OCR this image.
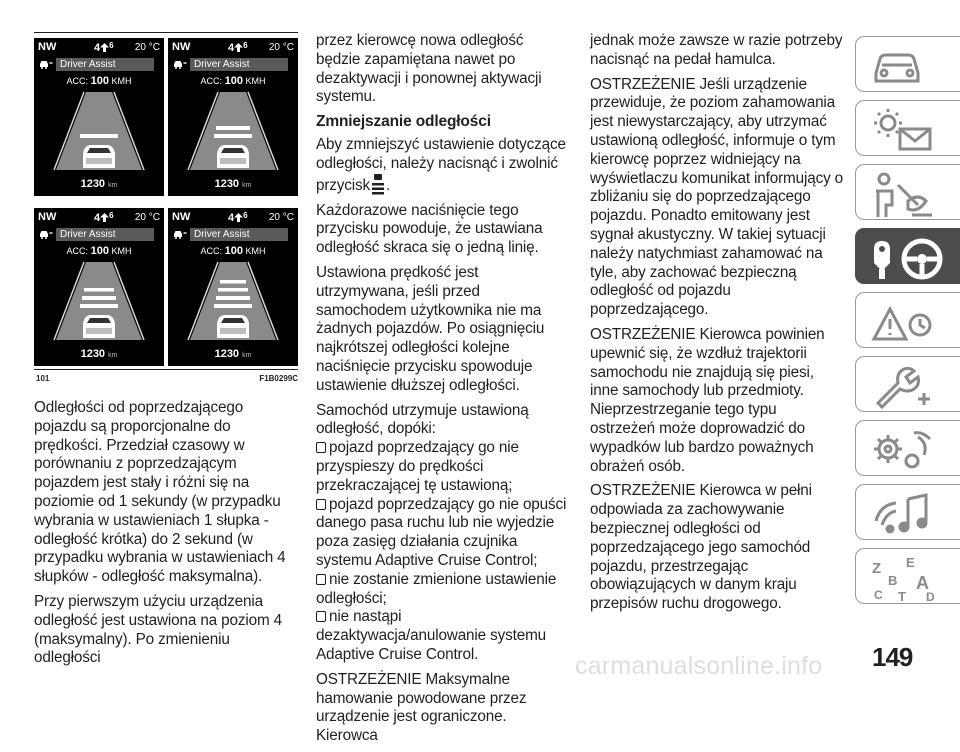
NW	4 $^6$ 20 °C
Driver Assist
ACC: 100 KMH
1230 km
NW	4 $^6$ 20 °C
Driver Assist
ACC: 100 KMH
1230 km
NW	4 $^6$ 20 °C
Driver Assist
ACC: 100 KMH
1230 km
NW	4 $^6$ 20 °C
Driver Assist
ACC: 100 KMH
1230 km
101	F1B0299C

Odległości od poprzedzającego pojazdu są proporcjonalne do prędkości. Przedział czasowy w porównaniu z poprzedzającym pojazdem jest stały i różni się na poziomie od 1 sekundy (w przypadku wybrania w ustawieniach 1 słupka - odległość krótka) do 2 sekund (w przypadku wybrania w ustawieniach 4 słupków - odległość maksymalna).

Przy pierwszym użyciu urządzenia odległość jest ustawiona na poziom 4 (maksymalny). Po zmienieniu odległości

przez kierowcę nowa odległość będzie zapamiętana nawet po dezaktywacji i ponownej aktywacji systemu.

Zmniejszanie odległości

Aby zmniejszyć ustawienie dotyczące odległości, należy nacisnąć i zwolnić przycisk .

Każdorazowe naciśnięcie tego przycisku powoduje, że ustawiana odległość skraca się o jedną linię.

Ustawiona prędkość jest utrzymywana, jeśli przed samochodem użytkownika nie ma żadnych pojazdów. Po osiągnięciu najkrótszej odległości kolejne naciśnięcie przycisku spowoduje ustawienie dłuższej odległości.

Samochód utrzymuje ustawioną odległość, dopóki:

pojazd poprzedzający go nie przyspieszy do prędkości przekraczającej tę ustawioną;

pojazd poprzedzający go nie opuści danego pasa ruchu lub nie wyjedzie poza zasięg działania czujnika systemu Adaptive Cruise Control;

nie zostanie zmienione ustawienie odległości;

nie nastąpi dezaktywacja/anulowanie systemu Adaptive Cruise Control.

OSTRZEŻENIE Maksymalne hamowanie powodowane przez urządzenie jest ograniczone. Kierowca

jednak może zawsze w razie potrzeby nacisnąć na pedał hamulca.

OSTRZEŻENIE Jeśli urządzenie przewiduje, że poziom zahamowania jest niewystarczający, aby utrzymać ustawioną odległość, informuje o tym kierowcę poprzez widniejący na wyświetlaczu komunikat informujący o zbliżaniu się do poprzedzającego pojazdu. Ponadto emitowany jest sygnał akustyczny. W takiej sytuacji należy natychmiast zahamować na tyle, aby zachować bezpieczną odległość od pojazdu poprzedzającego.

OSTRZEŻENIE Kierowca powinien upewnić się, że wzdłuż trajektorii samochodu nie znajdują się piesi, inne samochody lub przedmioty. Nieprzestrzeganie tego typu ostrzeżeń może doprowadzić do wypadków lub bardzo poważnych obrażeń osób.

OSTRZEŻENIE Kierowca w pełni odpowiada za zachowywanie bezpiecznej odległości od poprzedzającego jego samochód pojazdu, przestrzegając obowiązujących w danym kraju przepisów ruchu drogowego.

Z E
B A
C T D
149
carmanualsonline.info
